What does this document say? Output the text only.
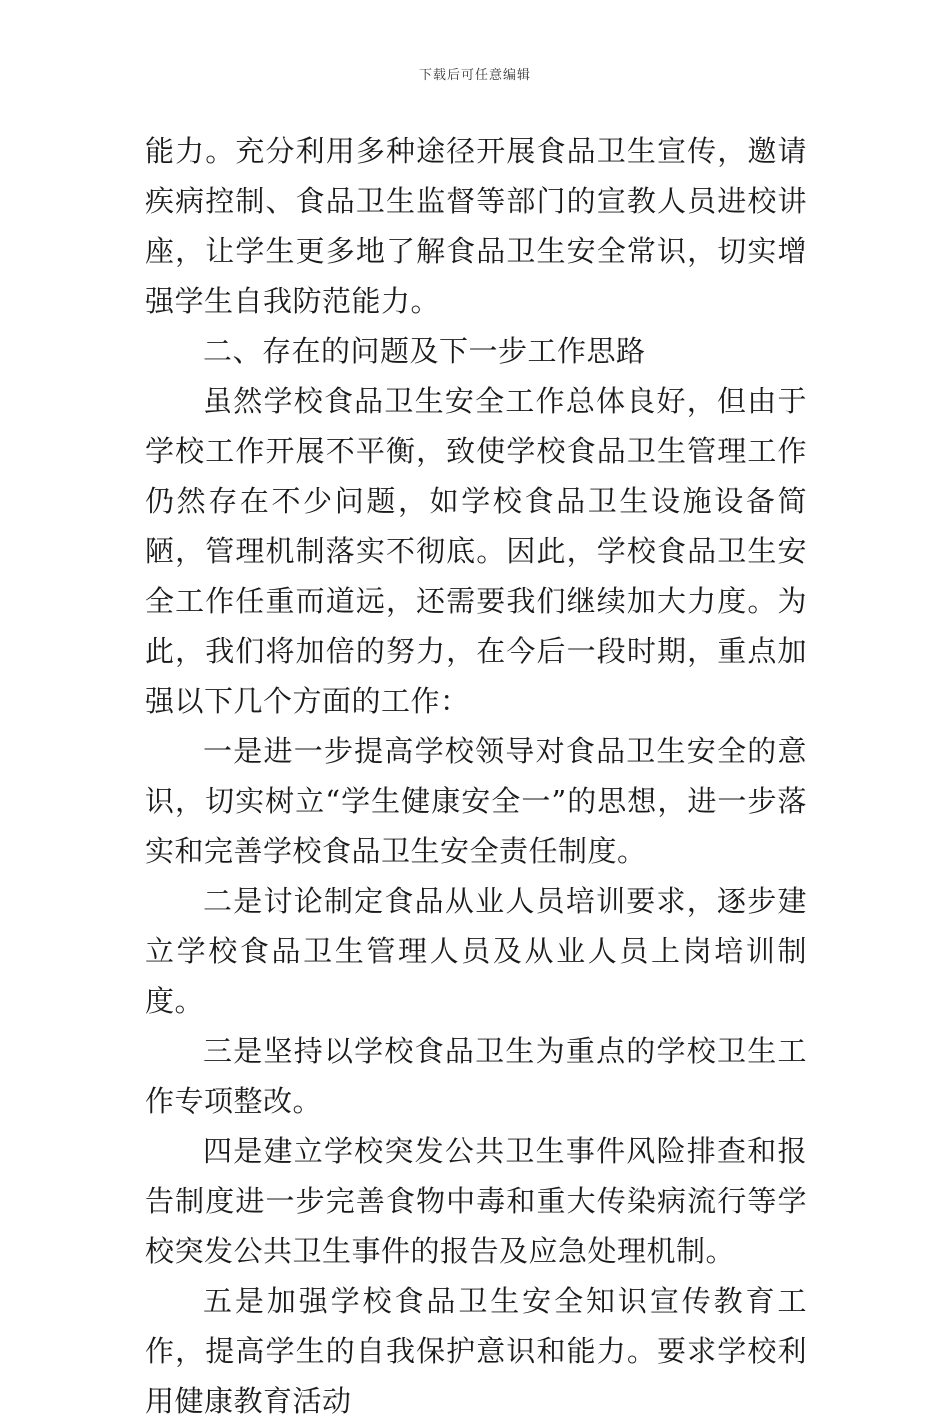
下载后可任意编辑

能力。充分利用多种途径开展食品卫生宣传，邀请疾病控制、食品卫生监督等部门的宣教人员进校讲座，让学生更多地了解食品卫生安全常识，切实增强学生自我防范能力。

二、存在的问题及下一步工作思路

虽然学校食品卫生安全工作总体良好，但由于学校工作开展不平衡，致使学校食品卫生管理工作仍然存在不少问题，如学校食品卫生设施设备简陋，管理机制落实不彻底。因此，学校食品卫生安全工作任重而道远，还需要我们继续加大力度。为此，我们将加倍的努力，在今后一段时期，重点加强以下几个方面的工作：

一是进一步提高学校领导对食品卫生安全的意识，切实树立“学生健康安全一”的思想，进一步落实和完善学校食品卫生安全责任制度。

二是讨论制定食品从业人员培训要求，逐步建立学校食品卫生管理人员及从业人员上岗培训制度。

三是坚持以学校食品卫生为重点的学校卫生工作专项整改。

四是建立学校突发公共卫生事件风险排查和报告制度进一步完善食物中毒和重大传染病流行等学校突发公共卫生事件的报告及应急处理机制。

五是加强学校食品卫生安全知识宣传教育工作，提高学生的自我保护意识和能力。要求学校利用健康教育活动
